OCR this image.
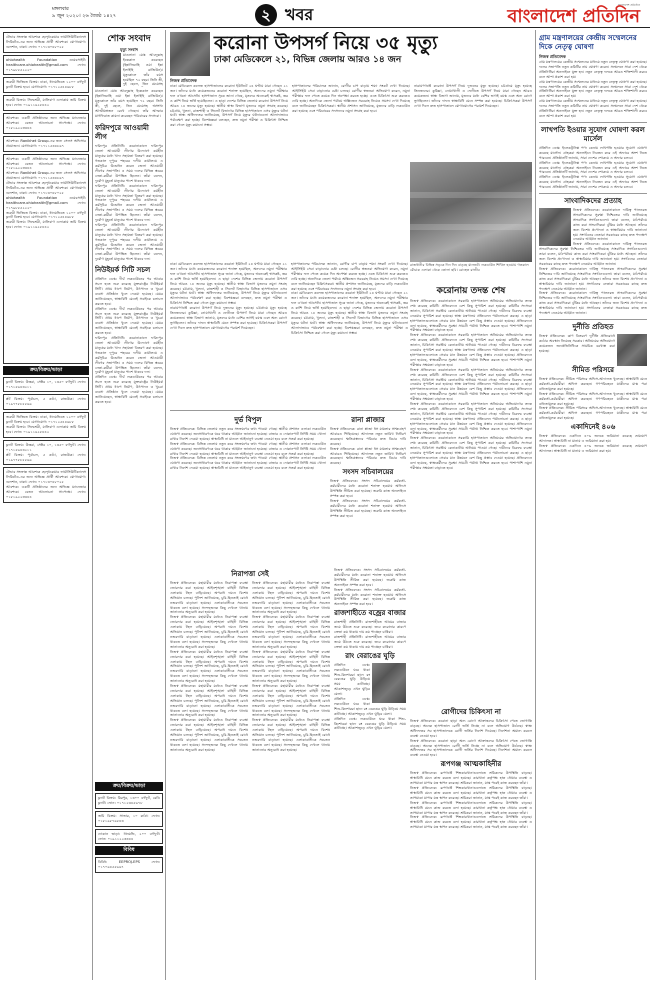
মঙ্গলবার
৯ জুন ২০২০। ২৬ জ্যৈষ্ঠ ১৪২৭	২ খবর	বাংলাদেশ প্রতিদিন
বাংলাদেশ প্রতিদিন
টেন্ডার সংক্রান্ত আবশ্যক হেল্থকেয়ার ফার্মাসিউটিক্যালস লিমিটেড-এর জন্য অভিজ্ঞ প্রার্থী আবশ্যক। যোগাযোগ: গুলশান, ঢাকা। ফোন: ০১৭১৩০৪৮০২৫
ohiohealth Foundation ওয়েবসাইট: healthcare.ohiohealth@gmail.com ফোন: ০১৭৯৮৫৫২২২০
জরুরী ভিত্তিতে বিক্রয়: ঢাকা, ধানমন্ডিতে ১২০০ বর্গফুট ফ্ল্যাট বিক্রয় হবে। যোগাযোগ: ০১৭১২৫৪৪৬৮৮
জরুরী বিক্রয়: সিদ্ধেশ্বরী, মালিবাগ এলাকায় জমি বিক্রয় হবে। ফোন: ০১৯১১৬২৮৪৪২
আবশ্যক: একটি প্রতিষ্ঠানের জন্য অভিজ্ঞ ম্যানেজার আবশ্যক। বেতন আলোচনা সাপেক্ষে। ফোন: ০১৮১৯২২৩৩৪৪
আবশ্যক: Ranikhet Group-এর জন্য সেলস অফিসার প্রয়োজন। যোগাযোগ: ০১৭১১৫৩৪৮৬৭
আবশ্যক: একটি প্রতিষ্ঠানের জন্য অভিজ্ঞ ম্যানেজার আবশ্যক। বেতন আলোচনা সাপেক্ষে। ফোন: ০১৮১৯২২৩৩৪৪
আবশ্যক: Ranikhet Group-এর জন্য সেলস অফিসার প্রয়োজন। যোগাযোগ: ০১৭১১৫৩৪৮৬৭
টেন্ডার সংক্রান্ত আবশ্যক হেল্থকেয়ার ফার্মাসিউটিক্যালস লিমিটেড-এর জন্য অভিজ্ঞ প্রার্থী আবশ্যক। যোগাযোগ: গুলশান, ঢাকা। ফোন: ০১৭১৩০৪৮০২৫
ohiohealth Foundation ওয়েবসাইট: healthcare.ohiohealth@gmail.com ফোন: ০১৭৯৮৫৫২২২০
জরুরী ভিত্তিতে বিক্রয়: ঢাকা, ধানমন্ডিতে ১২০০ বর্গফুট ফ্ল্যাট বিক্রয় হবে। যোগাযোগ: ০১৭১২৫৪৪৬৮৮
জরুরী বিক্রয়: সিদ্ধেশ্বরী, মালিবাগ এলাকায় জমি বিক্রয় হবে। ফোন: ০১৯১১৬২৮৪৪২
ক্রয়/বিক্রয়/ভাড়া
ফ্ল্যাট বিক্রয়: উত্তরা, সেক্টর ১০, ১৩৫০ বর্গফুট। ফোন: ০১৭১৫৬৪৩২১১
প্লট বিক্রয়: পূর্বাচল, ৫ কাঠা, রাজউক। ফোন: ০১৯৭৭৮৮৫৫৬৬
জরুরী ভিত্তিতে বিক্রয়: ঢাকা, ধানমন্ডিতে ১২০০ বর্গফুট ফ্ল্যাট বিক্রয় হবে। যোগাযোগ: ০১৭১২৫৪৪৬৮৮
জরুরী বিক্রয়: সিদ্ধেশ্বরী, মালিবাগ এলাকায় জমি বিক্রয় হবে। ফোন: ০১৯১১৬২৮৪৪২
ফ্ল্যাট বিক্রয়: উত্তরা, সেক্টর ১০, ১৩৫০ বর্গফুট। ফোন: ০১৭১৫৬৪৩২১১
প্লট বিক্রয়: পূর্বাচল, ৫ কাঠা, রাজউক। ফোন: ০১৯৭৭৮৮৫৫৬৬
টেন্ডার সংক্রান্ত আবশ্যক হেল্থকেয়ার ফার্মাসিউটিক্যালস লিমিটেড-এর জন্য অভিজ্ঞ প্রার্থী আবশ্যক। যোগাযোগ: গুলশান, ঢাকা। ফোন: ০১৭১৩০৪৮০২৫
আবশ্যক: একটি প্রতিষ্ঠানের জন্য অভিজ্ঞ ম্যানেজার আবশ্যক। বেতন আলোচনা সাপেক্ষে। ফোন: ০১৮১৯২২৩৩৪৪
শোক সংবাদ
মৃত্যু সংবাদ
মাওলানা মোঃ আবদুল্লাহ ইন্তেকাল করেছেন (ইন্নালিল্লাহি ওয়া ইন্না ইলাইহি রাজিউন)। মৃত্যুকালে তাঁর বয়স হয়েছিল ৭২ বছর। তিনি স্ত্রী, দুই ছেলে, তিন মেয়েসহ
মাওলানা মোঃ আবদুল্লাহ ইন্তেকাল করেছেন (ইন্নালিল্লাহি ওয়া ইন্না ইলাইহি রাজিউন)। মৃত্যুকালে তাঁর বয়স হয়েছিল ৭২ বছর। তিনি স্ত্রী, দুই ছেলে, তিন মেয়েসহ অসংখ্য আত্মীয়স্বজন রেখে গেছেন। তাঁর আত্মার মাগফিরাত কামনা করেছেন পরিবারের সদস্যরা।
ফরিদপুরে আওয়ামী লীগ
ফরিদপুর প্রতিনিধি: করোনাকালে ফরিদপুর জেলা আওয়ামী লীগের উদ্যোগে কর্মহীন মানুষের মধ্যে খাদ্য সহায়তা বিতরণ করা হয়েছে। গতকাল দুপুরে শহরের দলীয় কার্যালয়ে এ কর্মসূচির উদ্বোধন করেন জেলা আওয়ামী লীগের সভাপতি। এ সময় দলের বিভিন্ন স্তরের নেতা-কর্মীরা উপস্থিত ছিলেন। তাঁরা বলেন, দুর্যোগ মুহূর্তে মানুষের পাশে থাকবে দল।
ফরিদপুর প্রতিনিধি: করোনাকালে ফরিদপুর জেলা আওয়ামী লীগের উদ্যোগে কর্মহীন মানুষের মধ্যে খাদ্য সহায়তা বিতরণ করা হয়েছে। গতকাল দুপুরে শহরের দলীয় কার্যালয়ে এ কর্মসূচির উদ্বোধন করেন জেলা আওয়ামী লীগের সভাপতি। এ সময় দলের বিভিন্ন স্তরের নেতা-কর্মীরা উপস্থিত ছিলেন। তাঁরা বলেন, দুর্যোগ মুহূর্তে মানুষের পাশে থাকবে দল।
ফরিদপুর প্রতিনিধি: করোনাকালে ফরিদপুর জেলা আওয়ামী লীগের উদ্যোগে কর্মহীন মানুষের মধ্যে খাদ্য সহায়তা বিতরণ করা হয়েছে। গতকাল দুপুরে শহরের দলীয় কার্যালয়ে এ কর্মসূচির উদ্বোধন করেন জেলা আওয়ামী লীগের সভাপতি। এ সময় দলের বিভিন্ন স্তরের নেতা-কর্মীরা উপস্থিত ছিলেন। তাঁরা বলেন, দুর্যোগ মুহূর্তে মানুষের পাশে থাকবে দল।
নিউইয়র্ক সিটি সচল
প্রতিদিন ডেস্ক: দীর্ঘ লকডাউনের পর আবার সচল হতে শুরু করেছে যুক্তরাষ্ট্রের নিউইয়র্ক সিটি। প্রথম ধাপে নির্মাণ, উৎপাদন ও খুচরা ব্যবসা প্রতিষ্ঠান খুলে দেওয়া হয়েছে। মেয়র জানিয়েছেন, স্বাস্থ্যবিধি মেনেই সবাইকে চলাচল করতে হবে।
প্রতিদিন ডেস্ক: দীর্ঘ লকডাউনের পর আবার সচল হতে শুরু করেছে যুক্তরাষ্ট্রের নিউইয়র্ক সিটি। প্রথম ধাপে নির্মাণ, উৎপাদন ও খুচরা ব্যবসা প্রতিষ্ঠান খুলে দেওয়া হয়েছে। মেয়র জানিয়েছেন, স্বাস্থ্যবিধি মেনেই সবাইকে চলাচল করতে হবে।
ফরিদপুর প্রতিনিধি: করোনাকালে ফরিদপুর জেলা আওয়ামী লীগের উদ্যোগে কর্মহীন মানুষের মধ্যে খাদ্য সহায়তা বিতরণ করা হয়েছে। গতকাল দুপুরে শহরের দলীয় কার্যালয়ে এ কর্মসূচির উদ্বোধন করেন জেলা আওয়ামী লীগের সভাপতি। এ সময় দলের বিভিন্ন স্তরের নেতা-কর্মীরা উপস্থিত ছিলেন। তাঁরা বলেন, দুর্যোগ মুহূর্তে মানুষের পাশে থাকবে দল।
প্রতিদিন ডেস্ক: দীর্ঘ লকডাউনের পর আবার সচল হতে শুরু করেছে যুক্তরাষ্ট্রের নিউইয়র্ক সিটি। প্রথম ধাপে নির্মাণ, উৎপাদন ও খুচরা ব্যবসা প্রতিষ্ঠান খুলে দেওয়া হয়েছে। মেয়র জানিয়েছেন, স্বাস্থ্যবিধি মেনেই সবাইকে চলাচল করতে হবে।
করোনা উপসর্গ নিয়ে ৩৫ মৃত্যু
ঢাকা মেডিকেলে ২১, বিভিন্ন জেলায় আরও ১৪ জন
নিজস্ব প্রতিবেদক
ঢাকা মেডিকেল কলেজ হাসপাতালের করোনা ইউনিটে ২৪ ঘণ্টায় মারা গেছেন ২১ জন। তাঁদের মধ্যে কয়েকজনের করোনা শনাক্ত হয়েছিল, অন্যদের নমুনা পরীক্ষার ফল এখনো আসেনি। হাসপাতাল সূত্রে জানা গেছে, মৃতদের অনেকেই শ্বাসকষ্ট, জ্বর ও কাশি নিয়ে ভর্তি হয়েছিলেন। এ ছাড়া দেশের বিভিন্ন জেলায় করোনা উপসর্গ নিয়ে আরও ১৪ জনের মৃত্যু হয়েছে। স্থানীয় স্বাস্থ্য বিভাগ মৃতদের নমুনা সংগ্রহ করেছে। চট্টগ্রাম, খুলনা, রাজশাহী ও সিলেট বিভাগের বিভিন্ন হাসপাতালে এসব মৃত্যুর ঘটনা ঘটে। স্বাস্থ্য অধিদফতর জানিয়েছে, উপসর্গ নিয়ে মৃত্যুর ঘটনাগুলো আলাদাভাবে পর্যবেক্ষণ করা হচ্ছে। বিশেষজ্ঞরা বলছেন, দ্রুত নমুনা পরীক্ষা ও চিকিৎসা নিশ্চিত করা গেলে মৃত্যু কমানো সম্ভব।
হাসপাতালের পরিচালক জানান, রোগীর চাপ বাড়ায় শয্যা সংকট দেখা দিয়েছে। আইসিইউ সেবা বাড়ানোর চেষ্টা চলছে। রোগীর স্বজনরা অভিযোগ করেন, নমুনা পরীক্ষার ফল পেতে কয়েক দিন অপেক্ষা করতে হচ্ছে। এতে চিকিৎসা শুরু করতেও দেরি হচ্ছে। অন্যদিকে জেলা পর্যায়ে অক্সিজেন সরবরাহ নিয়েও সমস্যা দেখা দিয়েছে বলে জানিয়েছেন চিকিৎসকরা। স্থানীয় প্রশাসন জানিয়েছে, মৃতদের বাড়ি লকডাউন করা হয়েছে এবং পরিবারের সদস্যদের নমুনা সংগ্রহ করা হবে।
নারায়ণগঞ্জে করোনা উপসর্গ নিয়ে দুজনের মৃত্যু হয়েছে। চট্টগ্রামে মৃত্যু হয়েছে তিনজনের। কুমিল্লা, নোয়াখালী ও ফেনীতে উপসর্গ নিয়ে মারা গেছেন আরও কয়েকজন। স্বাস্থ্য বিভাগ জানায়, মৃতদের মধ্যে বেশির ভাগই বয়স্ক এবং অন্য রোগে ভুগছিলেন। তাঁদের দাফন স্বাস্থ্যবিধি মেনে সম্পন্ন করা হয়েছে। চিকিৎসকরা উপসর্গ দেখা দিলে দ্রুত হাসপাতালে যোগাযোগের পরামর্শ দিয়েছেন।
রাজধানীর বিভিন্ন সড়কে দিন দিন বাড়ছে যানজট। লকডাউন শিথিল হওয়ায় গতকাল মৌচাক এলাকা থেকে তোলা ছবি। রোহেত রাজীব
ঢাকা মেডিকেল কলেজ হাসপাতালের করোনা ইউনিটে ২৪ ঘণ্টায় মারা গেছেন ২১ জন। তাঁদের মধ্যে কয়েকজনের করোনা শনাক্ত হয়েছিল, অন্যদের নমুনা পরীক্ষার ফল এখনো আসেনি। হাসপাতাল সূত্রে জানা গেছে, মৃতদের অনেকেই শ্বাসকষ্ট, জ্বর ও কাশি নিয়ে ভর্তি হয়েছিলেন। এ ছাড়া দেশের বিভিন্ন জেলায় করোনা উপসর্গ নিয়ে আরও ১৪ জনের মৃত্যু হয়েছে। স্থানীয় স্বাস্থ্য বিভাগ মৃতদের নমুনা সংগ্রহ করেছে। চট্টগ্রাম, খুলনা, রাজশাহী ও সিলেট বিভাগের বিভিন্ন হাসপাতালে এসব মৃত্যুর ঘটনা ঘটে। স্বাস্থ্য অধিদফতর জানিয়েছে, উপসর্গ নিয়ে মৃত্যুর ঘটনাগুলো আলাদাভাবে পর্যবেক্ষণ করা হচ্ছে। বিশেষজ্ঞরা বলছেন, দ্রুত নমুনা পরীক্ষা ও চিকিৎসা নিশ্চিত করা গেলে মৃত্যু কমানো সম্ভব।
নারায়ণগঞ্জে করোনা উপসর্গ নিয়ে দুজনের মৃত্যু হয়েছে। চট্টগ্রামে মৃত্যু হয়েছে তিনজনের। কুমিল্লা, নোয়াখালী ও ফেনীতে উপসর্গ নিয়ে মারা গেছেন আরও কয়েকজন। স্বাস্থ্য বিভাগ জানায়, মৃতদের মধ্যে বেশির ভাগই বয়স্ক এবং অন্য রোগে ভুগছিলেন। তাঁদের দাফন স্বাস্থ্যবিধি মেনে সম্পন্ন করা হয়েছে। চিকিৎসকরা উপসর্গ দেখা দিলে দ্রুত হাসপাতালে যোগাযোগের পরামর্শ দিয়েছেন।
হাসপাতালের পরিচালক জানান, রোগীর চাপ বাড়ায় শয্যা সংকট দেখা দিয়েছে। আইসিইউ সেবা বাড়ানোর চেষ্টা চলছে। রোগীর স্বজনরা অভিযোগ করেন, নমুনা পরীক্ষার ফল পেতে কয়েক দিন অপেক্ষা করতে হচ্ছে। এতে চিকিৎসা শুরু করতেও দেরি হচ্ছে। অন্যদিকে জেলা পর্যায়ে অক্সিজেন সরবরাহ নিয়েও সমস্যা দেখা দিয়েছে বলে জানিয়েছেন চিকিৎসকরা। স্থানীয় প্রশাসন জানিয়েছে, মৃতদের বাড়ি লকডাউন করা হয়েছে এবং পরিবারের সদস্যদের নমুনা সংগ্রহ করা হবে।
ঢাকা মেডিকেল কলেজ হাসপাতালের করোনা ইউনিটে ২৪ ঘণ্টায় মারা গেছেন ২১ জন। তাঁদের মধ্যে কয়েকজনের করোনা শনাক্ত হয়েছিল, অন্যদের নমুনা পরীক্ষার ফল এখনো আসেনি। হাসপাতাল সূত্রে জানা গেছে, মৃতদের অনেকেই শ্বাসকষ্ট, জ্বর ও কাশি নিয়ে ভর্তি হয়েছিলেন। এ ছাড়া দেশের বিভিন্ন জেলায় করোনা উপসর্গ নিয়ে আরও ১৪ জনের মৃত্যু হয়েছে। স্থানীয় স্বাস্থ্য বিভাগ মৃতদের নমুনা সংগ্রহ করেছে। চট্টগ্রাম, খুলনা, রাজশাহী ও সিলেট বিভাগের বিভিন্ন হাসপাতালে এসব মৃত্যুর ঘটনা ঘটে। স্বাস্থ্য অধিদফতর জানিয়েছে, উপসর্গ নিয়ে মৃত্যুর ঘটনাগুলো আলাদাভাবে পর্যবেক্ষণ করা হচ্ছে। বিশেষজ্ঞরা বলছেন, দ্রুত নমুনা পরীক্ষা ও চিকিৎসা নিশ্চিত করা গেলে মৃত্যু কমানো সম্ভব।
করোনায় তদন্ত শেষ
নিজস্ব প্রতিবেদক: করোনাকালে সরকারি হাসপাতালে অনিয়মের অভিযোগের তদন্ত শেষ করেছে কমিটি। প্রতিবেদনে বেশ কিছু সুপারিশ করা হয়েছে। কমিটির সদস্যরা জানান, চিকিৎসা সরঞ্জাম কেনাকাটায় অনিয়ম পাওয়া গেছে। দায়ীদের বিরুদ্ধে ব্যবস্থা নেওয়ার সুপারিশ করা হয়েছে। স্বাস্থ্য মন্ত্রণালয় প্রতিবেদন পর্যালোচনা করছে। এ ছাড়া হাসপাতালগুলোতে সেবার মান উন্নয়নে বেশ কিছু প্রস্তাব দেওয়া হয়েছে। প্রতিবেদনে বলা হয়েছে, স্বাস্থ্যকর্মীদের সুরক্ষা সামগ্রী পর্যাপ্ত নিশ্চিত করতে হবে। পাশাপাশি নমুনা পরীক্ষার সক্ষমতা বাড়াতে হবে।
নিজস্ব প্রতিবেদক: করোনাকালে সরকারি হাসপাতালে অনিয়মের অভিযোগের তদন্ত শেষ করেছে কমিটি। প্রতিবেদনে বেশ কিছু সুপারিশ করা হয়েছে। কমিটির সদস্যরা জানান, চিকিৎসা সরঞ্জাম কেনাকাটায় অনিয়ম পাওয়া গেছে। দায়ীদের বিরুদ্ধে ব্যবস্থা নেওয়ার সুপারিশ করা হয়েছে। স্বাস্থ্য মন্ত্রণালয় প্রতিবেদন পর্যালোচনা করছে। এ ছাড়া হাসপাতালগুলোতে সেবার মান উন্নয়নে বেশ কিছু প্রস্তাব দেওয়া হয়েছে। প্রতিবেদনে বলা হয়েছে, স্বাস্থ্যকর্মীদের সুরক্ষা সামগ্রী পর্যাপ্ত নিশ্চিত করতে হবে। পাশাপাশি নমুনা পরীক্ষার সক্ষমতা বাড়াতে হবে।
নিজস্ব প্রতিবেদক: করোনাকালে সরকারি হাসপাতালে অনিয়মের অভিযোগের তদন্ত শেষ করেছে কমিটি। প্রতিবেদনে বেশ কিছু সুপারিশ করা হয়েছে। কমিটির সদস্যরা জানান, চিকিৎসা সরঞ্জাম কেনাকাটায় অনিয়ম পাওয়া গেছে। দায়ীদের বিরুদ্ধে ব্যবস্থা নেওয়ার সুপারিশ করা হয়েছে। স্বাস্থ্য মন্ত্রণালয় প্রতিবেদন পর্যালোচনা করছে। এ ছাড়া হাসপাতালগুলোতে সেবার মান উন্নয়নে বেশ কিছু প্রস্তাব দেওয়া হয়েছে। প্রতিবেদনে বলা হয়েছে, স্বাস্থ্যকর্মীদের সুরক্ষা সামগ্রী পর্যাপ্ত নিশ্চিত করতে হবে। পাশাপাশি নমুনা পরীক্ষার সক্ষমতা বাড়াতে হবে।
নিজস্ব প্রতিবেদক: করোনাকালে সরকারি হাসপাতালে অনিয়মের অভিযোগের তদন্ত শেষ করেছে কমিটি। প্রতিবেদনে বেশ কিছু সুপারিশ করা হয়েছে। কমিটির সদস্যরা জানান, চিকিৎসা সরঞ্জাম কেনাকাটায় অনিয়ম পাওয়া গেছে। দায়ীদের বিরুদ্ধে ব্যবস্থা নেওয়ার সুপারিশ করা হয়েছে। স্বাস্থ্য মন্ত্রণালয় প্রতিবেদন পর্যালোচনা করছে। এ ছাড়া হাসপাতালগুলোতে সেবার মান উন্নয়নে বেশ কিছু প্রস্তাব দেওয়া হয়েছে। প্রতিবেদনে বলা হয়েছে, স্বাস্থ্যকর্মীদের সুরক্ষা সামগ্রী পর্যাপ্ত নিশ্চিত করতে হবে। পাশাপাশি নমুনা পরীক্ষার সক্ষমতা বাড়াতে হবে।
নিজস্ব প্রতিবেদক: করোনাকালে সরকারি হাসপাতালে অনিয়মের অভিযোগের তদন্ত শেষ করেছে কমিটি। প্রতিবেদনে বেশ কিছু সুপারিশ করা হয়েছে। কমিটির সদস্যরা জানান, চিকিৎসা সরঞ্জাম কেনাকাটায় অনিয়ম পাওয়া গেছে। দায়ীদের বিরুদ্ধে ব্যবস্থা নেওয়ার সুপারিশ করা হয়েছে। স্বাস্থ্য মন্ত্রণালয় প্রতিবেদন পর্যালোচনা করছে। এ ছাড়া হাসপাতালগুলোতে সেবার মান উন্নয়নে বেশ কিছু প্রস্তাব দেওয়া হয়েছে। প্রতিবেদনে বলা হয়েছে, স্বাস্থ্যকর্মীদের সুরক্ষা সামগ্রী পর্যাপ্ত নিশ্চিত করতে হবে। পাশাপাশি নমুনা পরীক্ষার সক্ষমতা বাড়াতে হবে।
দুর্ভ বিপুল
নিজস্ব প্রতিবেদক: বিভিন্ন জেলায় নতুন করে সংক্রমণের তথ্য পাওয়া গেছে। স্থানীয় প্রশাসন এলাকা লকডাউন ঘোষণা করেছে। জনসাধারণকে ঘরে থাকার আহ্বান জানানো হয়েছে। বাজার ও দোকানপাট নির্দিষ্ট সময় খোলা রাখার নির্দেশ দেওয়া হয়েছে। স্বাস্থ্যবিধি না মানলে আইনানুগ ব্যবস্থা নেওয়া হবে বলে সতর্ক করা হয়েছে।
নিজস্ব প্রতিবেদক: বিভিন্ন জেলায় নতুন করে সংক্রমণের তথ্য পাওয়া গেছে। স্থানীয় প্রশাসন এলাকা লকডাউন ঘোষণা করেছে। জনসাধারণকে ঘরে থাকার আহ্বান জানানো হয়েছে। বাজার ও দোকানপাট নির্দিষ্ট সময় খোলা রাখার নির্দেশ দেওয়া হয়েছে। স্বাস্থ্যবিধি না মানলে আইনানুগ ব্যবস্থা নেওয়া হবে বলে সতর্ক করা হয়েছে।
নিজস্ব প্রতিবেদক: বিভিন্ন জেলায় নতুন করে সংক্রমণের তথ্য পাওয়া গেছে। স্থানীয় প্রশাসন এলাকা লকডাউন ঘোষণা করেছে। জনসাধারণকে ঘরে থাকার আহ্বান জানানো হয়েছে। বাজার ও দোকানপাট নির্দিষ্ট সময় খোলা রাখার নির্দেশ দেওয়া হয়েছে। স্বাস্থ্যবিধি না মানলে আইনানুগ ব্যবস্থা নেওয়া হবে বলে সতর্ক করা হয়েছে।
রানা প্লাজার
নিজস্ব প্রতিবেদক: রানা প্লাজা ধস মামলার সাক্ষ্যগ্রহণ আবারও পিছিয়েছে। আদালত নতুন তারিখ নির্ধারণ করেছেন। ক্ষতিগ্রস্তদের পরিবার দ্রুত বিচার দাবি করেছে।
নিজস্ব প্রতিবেদক: রানা প্লাজা ধস মামলার সাক্ষ্যগ্রহণ আবারও পিছিয়েছে। আদালত নতুন তারিখ নির্ধারণ করেছেন। ক্ষতিগ্রস্তদের পরিবার দ্রুত বিচার দাবি করেছে।
সংসদ সচিবালয়ের
নিজস্ব প্রতিবেদক: সংসদ সচিবালয়ের কর্মকর্তা-কর্মচারীদের মধ্যে করোনা শনাক্ত হওয়ায় অফিসে উপস্থিতি সীমিত করা হয়েছে। জরুরি কাজ অনলাইনে সম্পন্ন করা হবে।
নিজস্ব প্রতিবেদক: সংসদ সচিবালয়ের কর্মকর্তা-কর্মচারীদের মধ্যে করোনা শনাক্ত হওয়ায় অফিসে উপস্থিতি সীমিত করা হয়েছে। জরুরি কাজ অনলাইনে সম্পন্ন করা হবে।
নিরাপত্তা সেই
নিজস্ব প্রতিবেদক: মহামারীর মধ্যেও নিরাপত্তা ব্যবস্থা জোরদার করা হয়েছে। আইনশৃঙ্খলা বাহিনী বিভিন্ন এলাকায় টহল বাড়িয়েছে। অপরাধ দমনে বিশেষ অভিযান চলছে। পুলিশ জানিয়েছে, চুরি-ছিনতাই রোধে নজরদারি বাড়ানো হয়েছে। এলাকাবাসীকে সচেতন থাকতে বলা হয়েছে। সন্দেহজনক কিছু দেখলে থানায় জানানোর অনুরোধ করা হয়েছে।
নিজস্ব প্রতিবেদক: মহামারীর মধ্যেও নিরাপত্তা ব্যবস্থা জোরদার করা হয়েছে। আইনশৃঙ্খলা বাহিনী বিভিন্ন এলাকায় টহল বাড়িয়েছে। অপরাধ দমনে বিশেষ অভিযান চলছে। পুলিশ জানিয়েছে, চুরি-ছিনতাই রোধে নজরদারি বাড়ানো হয়েছে। এলাকাবাসীকে সচেতন থাকতে বলা হয়েছে। সন্দেহজনক কিছু দেখলে থানায় জানানোর অনুরোধ করা হয়েছে।
নিজস্ব প্রতিবেদক: মহামারীর মধ্যেও নিরাপত্তা ব্যবস্থা জোরদার করা হয়েছে। আইনশৃঙ্খলা বাহিনী বিভিন্ন এলাকায় টহল বাড়িয়েছে। অপরাধ দমনে বিশেষ অভিযান চলছে। পুলিশ জানিয়েছে, চুরি-ছিনতাই রোধে নজরদারি বাড়ানো হয়েছে। এলাকাবাসীকে সচেতন থাকতে বলা হয়েছে। সন্দেহজনক কিছু দেখলে থানায় জানানোর অনুরোধ করা হয়েছে।
নিজস্ব প্রতিবেদক: মহামারীর মধ্যেও নিরাপত্তা ব্যবস্থা জোরদার করা হয়েছে। আইনশৃঙ্খলা বাহিনী বিভিন্ন এলাকায় টহল বাড়িয়েছে। অপরাধ দমনে বিশেষ অভিযান চলছে। পুলিশ জানিয়েছে, চুরি-ছিনতাই রোধে নজরদারি বাড়ানো হয়েছে। এলাকাবাসীকে সচেতন থাকতে বলা হয়েছে। সন্দেহজনক কিছু দেখলে থানায় জানানোর অনুরোধ করা হয়েছে।
নিজস্ব প্রতিবেদক: মহামারীর মধ্যেও নিরাপত্তা ব্যবস্থা জোরদার করা হয়েছে। আইনশৃঙ্খলা বাহিনী বিভিন্ন এলাকায় টহল বাড়িয়েছে। অপরাধ দমনে বিশেষ অভিযান চলছে। পুলিশ জানিয়েছে, চুরি-ছিনতাই রোধে নজরদারি বাড়ানো হয়েছে। এলাকাবাসীকে সচেতন থাকতে বলা হয়েছে। সন্দেহজনক কিছু দেখলে থানায় জানানোর অনুরোধ করা হয়েছে।
নিজস্ব প্রতিবেদক: মহামারীর মধ্যেও নিরাপত্তা ব্যবস্থা জোরদার করা হয়েছে। আইনশৃঙ্খলা বাহিনী বিভিন্ন এলাকায় টহল বাড়িয়েছে। অপরাধ দমনে বিশেষ অভিযান চলছে। পুলিশ জানিয়েছে, চুরি-ছিনতাই রোধে নজরদারি বাড়ানো হয়েছে। এলাকাবাসীকে সচেতন থাকতে বলা হয়েছে। সন্দেহজনক কিছু দেখলে থানায় জানানোর অনুরোধ করা হয়েছে।
নিজস্ব প্রতিবেদক: মহামারীর মধ্যেও নিরাপত্তা ব্যবস্থা জোরদার করা হয়েছে। আইনশৃঙ্খলা বাহিনী বিভিন্ন এলাকায় টহল বাড়িয়েছে। অপরাধ দমনে বিশেষ অভিযান চলছে। পুলিশ জানিয়েছে, চুরি-ছিনতাই রোধে নজরদারি বাড়ানো হয়েছে। এলাকাবাসীকে সচেতন থাকতে বলা হয়েছে। সন্দেহজনক কিছু দেখলে থানায় জানানোর অনুরোধ করা হয়েছে।
নিজস্ব প্রতিবেদক: মহামারীর মধ্যেও নিরাপত্তা ব্যবস্থা জোরদার করা হয়েছে। আইনশৃঙ্খলা বাহিনী বিভিন্ন এলাকায় টহল বাড়িয়েছে। অপরাধ দমনে বিশেষ অভিযান চলছে। পুলিশ জানিয়েছে, চুরি-ছিনতাই রোধে নজরদারি বাড়ানো হয়েছে। এলাকাবাসীকে সচেতন থাকতে বলা হয়েছে। সন্দেহজনক কিছু দেখলে থানায় জানানোর অনুরোধ করা হয়েছে।
নিজস্ব প্রতিবেদক: মহামারীর মধ্যেও নিরাপত্তা ব্যবস্থা জোরদার করা হয়েছে। আইনশৃঙ্খলা বাহিনী বিভিন্ন এলাকায় টহল বাড়িয়েছে। অপরাধ দমনে বিশেষ অভিযান চলছে। পুলিশ জানিয়েছে, চুরি-ছিনতাই রোধে নজরদারি বাড়ানো হয়েছে। এলাকাবাসীকে সচেতন থাকতে বলা হয়েছে। সন্দেহজনক কিছু দেখলে থানায় জানানোর অনুরোধ করা হয়েছে।
নিজস্ব প্রতিবেদক: মহামারীর মধ্যেও নিরাপত্তা ব্যবস্থা জোরদার করা হয়েছে। আইনশৃঙ্খলা বাহিনী বিভিন্ন এলাকায় টহল বাড়িয়েছে। অপরাধ দমনে বিশেষ অভিযান চলছে। পুলিশ জানিয়েছে, চুরি-ছিনতাই রোধে নজরদারি বাড়ানো হয়েছে। এলাকাবাসীকে সচেতন থাকতে বলা হয়েছে। সন্দেহজনক কিছু দেখলে থানায় জানানোর অনুরোধ করা হয়েছে।
নিজস্ব প্রতিবেদক: সংসদ সচিবালয়ের কর্মকর্তা-কর্মচারীদের মধ্যে করোনা শনাক্ত হওয়ায় অফিসে উপস্থিতি সীমিত করা হয়েছে। জরুরি কাজ অনলাইনে সম্পন্ন করা হবে।
নিজস্ব প্রতিবেদক: সংসদ সচিবালয়ের কর্মকর্তা-কর্মচারীদের মধ্যে করোনা শনাক্ত হওয়ায় অফিসে উপস্থিতি সীমিত করা হয়েছে। জরুরি কাজ অনলাইনে সম্পন্ন করা হবে।
রাজশাহীতে বজ্রের বাজার
রাজশাহী প্রতিনিধি: রাজশাহীতে আমের বাজার জমে উঠতে শুরু করেছে। তবে করোনার কারণে ক্রেতা কম থাকায় দাম কম পাচ্ছেন চাষিরা।
রাজশাহী প্রতিনিধি: রাজশাহীতে আমের বাজার জমে উঠতে শুরু করেছে। তবে করোনার কারণে ক্রেতা কম থাকায় দাম কম পাচ্ছেন চাষিরা।
রাং বেরাঙের ঘুড়ি
প্রতিদিন ডেস্ক: লকডাউনে ঘরে থাকা শিশু-কিশোররা ছাদে রং বেরঙের ঘুড়ি উড়িয়ে সময় কাটাচ্ছে। আকাশজুড়ে এখন ঘুড়ির মেলা।
প্রতিদিন ডেস্ক: লকডাউনে ঘরে থাকা শিশু-কিশোররা ছাদে রং বেরঙের ঘুড়ি উড়িয়ে সময় কাটাচ্ছে। আকাশজুড়ে এখন ঘুড়ির মেলা।
প্রতিদিন ডেস্ক: লকডাউনে ঘরে থাকা শিশু-কিশোররা ছাদে রং বেরঙের ঘুড়ি উড়িয়ে সময় কাটাচ্ছে। আকাশজুড়ে এখন ঘুড়ির মেলা।
রোগীদের চিকিৎসা না
নিজস্ব প্রতিবেদক: করোনা ছাড়া অন্য রোগে আক্রান্তদের চিকিৎসা পেতে ভোগান্তি বাড়ছে। অনেক হাসপাতাল রোগী ভর্তি নিচ্ছে না বলে অভিযোগ উঠেছে। স্বাস্থ্য অধিদফতর সব হাসপাতালকে রোগী ভর্তির নির্দেশ দিয়েছে। নির্দেশনা অমান্য করলে ব্যবস্থা নেওয়া হবে।
নিজস্ব প্রতিবেদক: করোনা ছাড়া অন্য রোগে আক্রান্তদের চিকিৎসা পেতে ভোগান্তি বাড়ছে। অনেক হাসপাতাল রোগী ভর্তি নিচ্ছে না বলে অভিযোগ উঠেছে। স্বাস্থ্য অধিদফতর সব হাসপাতালকে রোগী ভর্তির নির্দেশ দিয়েছে। নির্দেশনা অমান্য করলে ব্যবস্থা নেওয়া হবে।
রূপগঞ্জ আত্মকাহিনীর
নিজস্ব প্রতিবেদক: রূপগঞ্জে শিল্পকারখানাগুলোতে শ্রমিকদের উপস্থিতি বাড়ছে। স্বাস্থ্যবিধি মেনে কাজ করতে বলা হয়েছে। কারখানা কর্তৃপক্ষ হাত ধোয়ার ব্যবস্থা ও তাপমাত্রা মাপার যন্ত্র স্থাপন করেছে। শ্রমিকরা জানান, মাস্ক পরেই কাজ করছেন তাঁরা।
নিজস্ব প্রতিবেদক: রূপগঞ্জে শিল্পকারখানাগুলোতে শ্রমিকদের উপস্থিতি বাড়ছে। স্বাস্থ্যবিধি মেনে কাজ করতে বলা হয়েছে। কারখানা কর্তৃপক্ষ হাত ধোয়ার ব্যবস্থা ও তাপমাত্রা মাপার যন্ত্র স্থাপন করেছে। শ্রমিকরা জানান, মাস্ক পরেই কাজ করছেন তাঁরা।
নিজস্ব প্রতিবেদক: রূপগঞ্জে শিল্পকারখানাগুলোতে শ্রমিকদের উপস্থিতি বাড়ছে। স্বাস্থ্যবিধি মেনে কাজ করতে বলা হয়েছে। কারখানা কর্তৃপক্ষ হাত ধোয়ার ব্যবস্থা ও তাপমাত্রা মাপার যন্ত্র স্থাপন করেছে। শ্রমিকরা জানান, মাস্ক পরেই কাজ করছেন তাঁরা।
নিজস্ব প্রতিবেদক: রূপগঞ্জে শিল্পকারখানাগুলোতে শ্রমিকদের উপস্থিতি বাড়ছে। স্বাস্থ্যবিধি মেনে কাজ করতে বলা হয়েছে। কারখানা কর্তৃপক্ষ হাত ধোয়ার ব্যবস্থা ও তাপমাত্রা মাপার যন্ত্র স্থাপন করেছে। শ্রমিকরা জানান, মাস্ক পরেই কাজ করছেন তাঁরা।
ক্রয়/বিক্রয়/ভাড়া
ফ্ল্যাট বিক্রয়: মিরপুর, ১৩০০ বর্গফুট, রেডি ফ্ল্যাট। ফোন: ০১৭১২৩৪৫৬৭৮
জমি বিক্রয়: সাভার, ১০ কাঠা। ফোন: ০১৮১৯৮৭৬৫৪৩
দোকান ভাড়া: ধানমন্ডি, ২০০ বর্গফুট। ফোন: ০১৯১১২২৩৩৪৪
বিবিধ
বিবিধ: EEPROJ-EPS ফোন: ০১৭০৬৪৫৫৬৬৭
গ্রাম মন্ত্রণালয়ের কেন্দ্রীয় সম্মেলনের দিকে নেতৃত্ব ঘোষণা
নিজস্ব প্রতিবেদক
গ্রাম মন্ত্রণালয়ের কেন্দ্রীয় সম্মেলনের মাধ্যমে নতুন নেতৃত্ব ঘোষণা করা হয়েছে। দলের সভাপতি নতুন কমিটির নাম ঘোষণা করেন। সম্মেলনে সারা দেশ থেকে প্রতিনিধিরা অনলাইনে যুক্ত হন। নতুন নেতৃত্ব দলকে আরও শক্তিশালী করবে বলে আশা প্রকাশ করা হয়।
গ্রাম মন্ত্রণালয়ের কেন্দ্রীয় সম্মেলনের মাধ্যমে নতুন নেতৃত্ব ঘোষণা করা হয়েছে। দলের সভাপতি নতুন কমিটির নাম ঘোষণা করেন। সম্মেলনে সারা দেশ থেকে প্রতিনিধিরা অনলাইনে যুক্ত হন। নতুন নেতৃত্ব দলকে আরও শক্তিশালী করবে বলে আশা প্রকাশ করা হয়।
গ্রাম মন্ত্রণালয়ের কেন্দ্রীয় সম্মেলনের মাধ্যমে নতুন নেতৃত্ব ঘোষণা করা হয়েছে। দলের সভাপতি নতুন কমিটির নাম ঘোষণা করেন। সম্মেলনে সারা দেশ থেকে প্রতিনিধিরা অনলাইনে যুক্ত হন। নতুন নেতৃত্ব দলকে আরও শক্তিশালী করবে বলে আশা প্রকাশ করা হয়।
লাখপতি ইওয়ার সুযোগ ঘোষণা করল মার্সেল
প্রতিদিন ডেস্ক: ইলেকট্রনিক্স পণ্য কেনায় লাখপতি হওয়ার সুযোগ ঘোষণা করেছে মার্সেল। গ্রাহকরা অনলাইনে নিবন্ধন করে এই অফারে অংশ নিতে পারবেন। প্রতিষ্ঠানটি জানায়, সারা দেশের শোরুমে এ অফার চলবে।
প্রতিদিন ডেস্ক: ইলেকট্রনিক্স পণ্য কেনায় লাখপতি হওয়ার সুযোগ ঘোষণা করেছে মার্সেল। গ্রাহকরা অনলাইনে নিবন্ধন করে এই অফারে অংশ নিতে পারবেন। প্রতিষ্ঠানটি জানায়, সারা দেশের শোরুমে এ অফার চলবে।
প্রতিদিন ডেস্ক: ইলেকট্রনিক্স পণ্য কেনায় লাখপতি হওয়ার সুযোগ ঘোষণা করেছে মার্সেল। গ্রাহকরা অনলাইনে নিবন্ধন করে এই অফারে অংশ নিতে পারবেন। প্রতিষ্ঠানটি জানায়, সারা দেশের শোরুমে এ অফার চলবে।
সাংবাদিকদের প্রত্যাহ
নিজস্ব প্রতিবেদক: করোনাকালে দায়িত্ব পালনরত সাংবাদিকদের সুরক্ষা নিশ্চিতের দাবি জানিয়েছে সাংবাদিক সংগঠনগুলো। তারা বলেন, মাঠপর্যায়ে কাজ করা সাংবাদিকরা ঝুঁকির মধ্যে আছেন। তাঁদের জন্য বিশেষ প্রণোদনা ও স্বাস্থ্যবিমার দাবি জানানো হয়। সংগঠনের নেতারা সরকারের কাছে দ্রুত পদক্ষেপ নেওয়ার আহ্বান জানান।
নিজস্ব প্রতিবেদক: করোনাকালে দায়িত্ব পালনরত সাংবাদিকদের সুরক্ষা নিশ্চিতের দাবি জানিয়েছে সাংবাদিক সংগঠনগুলো। তারা বলেন, মাঠপর্যায়ে কাজ করা সাংবাদিকরা ঝুঁকির মধ্যে আছেন। তাঁদের জন্য বিশেষ প্রণোদনা ও স্বাস্থ্যবিমার দাবি জানানো হয়। সংগঠনের নেতারা সরকারের কাছে দ্রুত পদক্ষেপ নেওয়ার আহ্বান জানান।
নিজস্ব প্রতিবেদক: করোনাকালে দায়িত্ব পালনরত সাংবাদিকদের সুরক্ষা নিশ্চিতের দাবি জানিয়েছে সাংবাদিক সংগঠনগুলো। তারা বলেন, মাঠপর্যায়ে কাজ করা সাংবাদিকরা ঝুঁকির মধ্যে আছেন। তাঁদের জন্য বিশেষ প্রণোদনা ও স্বাস্থ্যবিমার দাবি জানানো হয়। সংগঠনের নেতারা সরকারের কাছে দ্রুত পদক্ষেপ নেওয়ার আহ্বান জানান।
নিজস্ব প্রতিবেদক: করোনাকালে দায়িত্ব পালনরত সাংবাদিকদের সুরক্ষা নিশ্চিতের দাবি জানিয়েছে সাংবাদিক সংগঠনগুলো। তারা বলেন, মাঠপর্যায়ে কাজ করা সাংবাদিকরা ঝুঁকির মধ্যে আছেন। তাঁদের জন্য বিশেষ প্রণোদনা ও স্বাস্থ্যবিমার দাবি জানানো হয়। সংগঠনের নেতারা সরকারের কাছে দ্রুত পদক্ষেপ নেওয়ার আহ্বান জানান।
দুর্নীতি প্রতিহত
নিজস্ব প্রতিবেদক: ত্রাণ বিতরণে দুর্নীতি প্রতিরোধে কঠোর অবস্থান নিয়েছে সরকার। অনিয়মের অভিযোগে কয়েকজন জনপ্রতিনিধিকে সাময়িক বরখাস্ত করা হয়েছে।
সীমিত পরিসরে
নিজস্ব প্রতিবেদক: সীমিত পরিসরে অফিস-আদালত খুলেছে। স্বাস্থ্যবিধি মেনে কর্মকর্তা-কর্মচারীরা অফিস করছেন। গণপরিবহনে যাত্রীদের মাস্ক পরা বাধ্যতামূলক করা হয়েছে।
নিজস্ব প্রতিবেদক: সীমিত পরিসরে অফিস-আদালত খুলেছে। স্বাস্থ্যবিধি মেনে কর্মকর্তা-কর্মচারীরা অফিস করছেন। গণপরিবহনে যাত্রীদের মাস্ক পরা বাধ্যতামূলক করা হয়েছে।
নিজস্ব প্রতিবেদক: সীমিত পরিসরে অফিস-আদালত খুলেছে। স্বাস্থ্যবিধি মেনে কর্মকর্তা-কর্মচারীরা অফিস করছেন। গণপরিবহনে যাত্রীদের মাস্ক পরা বাধ্যতামূলক করা হয়েছে।
একাদিনেই ৪০৬
নিজস্ব প্রতিবেদক: একদিনে ৪০৬ জনকে জরিমানা করেছে ভ্রাম্যমাণ আদালত। স্বাস্থ্যবিধি না মানায় এ জরিমানা করা হয়।
নিজস্ব প্রতিবেদক: একদিনে ৪০৬ জনকে জরিমানা করেছে ভ্রাম্যমাণ আদালত। স্বাস্থ্যবিধি না মানায় এ জরিমানা করা হয়।
